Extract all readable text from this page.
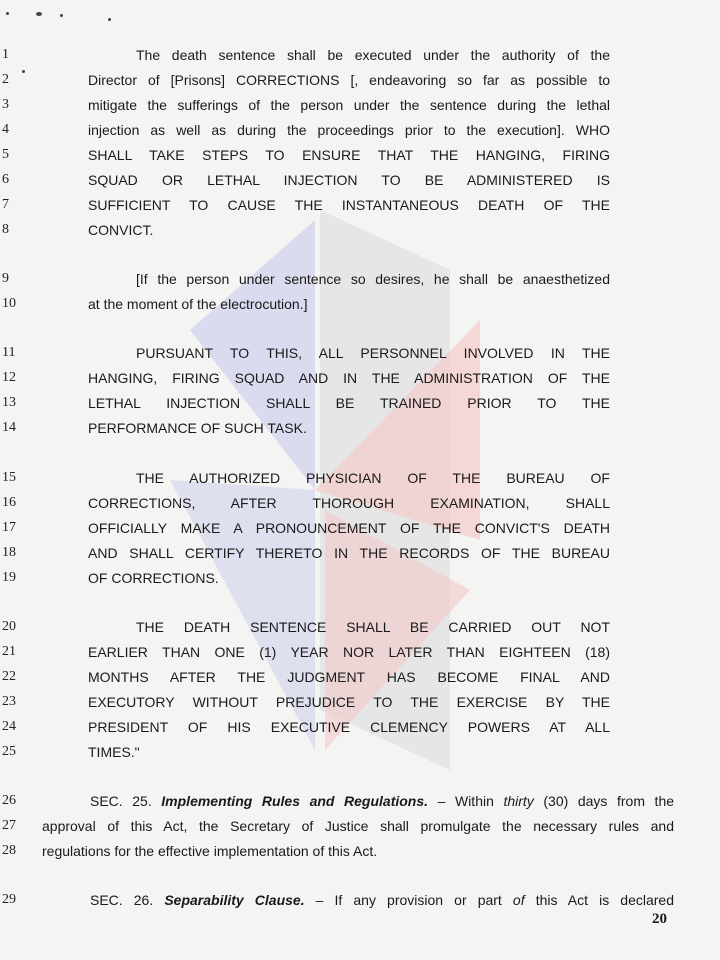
1
2
3
4
5
6
7
8
9
10
11
12
13
14
15
16
17
18
19
20
21
22
23
24
25
26
27
28
29
The death sentence shall be executed under the authority of the
Director of [Prisons] CORRECTIONS [, endeavoring so far as possible to
mitigate the sufferings of the person under the sentence during the lethal
injection as well as during the proceedings prior to the execution]. WHO
SHALL TAKE STEPS TO ENSURE THAT THE HANGING, FIRING
SQUAD OR LETHAL INJECTION TO BE ADMINISTERED IS
SUFFICIENT TO CAUSE THE INSTANTANEOUS DEATH OF THE
CONVICT.
[If the person under sentence so desires, he shall be anaesthetized
at the moment of the electrocution.]
PURSUANT TO THIS, ALL PERSONNEL INVOLVED IN THE
HANGING, FIRING SQUAD AND IN THE ADMINISTRATION OF THE
LETHAL INJECTION SHALL BE TRAINED PRIOR TO THE
PERFORMANCE OF SUCH TASK.
THE AUTHORIZED PHYSICIAN OF THE BUREAU OF
CORRECTIONS, AFTER THOROUGH EXAMINATION, SHALL
OFFICIALLY MAKE A PRONOUNCEMENT OF THE CONVICT'S DEATH
AND SHALL CERTIFY THERETO IN THE RECORDS OF THE BUREAU
OF CORRECTIONS.
THE DEATH SENTENCE SHALL BE CARRIED OUT NOT
EARLIER THAN ONE (1) YEAR NOR LATER THAN EIGHTEEN (18)
MONTHS AFTER THE JUDGMENT HAS BECOME FINAL AND
EXECUTORY WITHOUT PREJUDICE TO THE EXERCISE BY THE
PRESIDENT OF HIS EXECUTIVE CLEMENCY POWERS AT ALL
TIMES."
SEC. 25. Implementing Rules and Regulations. – Within thirty (30) days from the
approval of this Act, the Secretary of Justice shall promulgate the necessary rules and
regulations for the effective implementation of this Act.
SEC. 26. Separability Clause. – If any provision or part of this Act is declared
20
